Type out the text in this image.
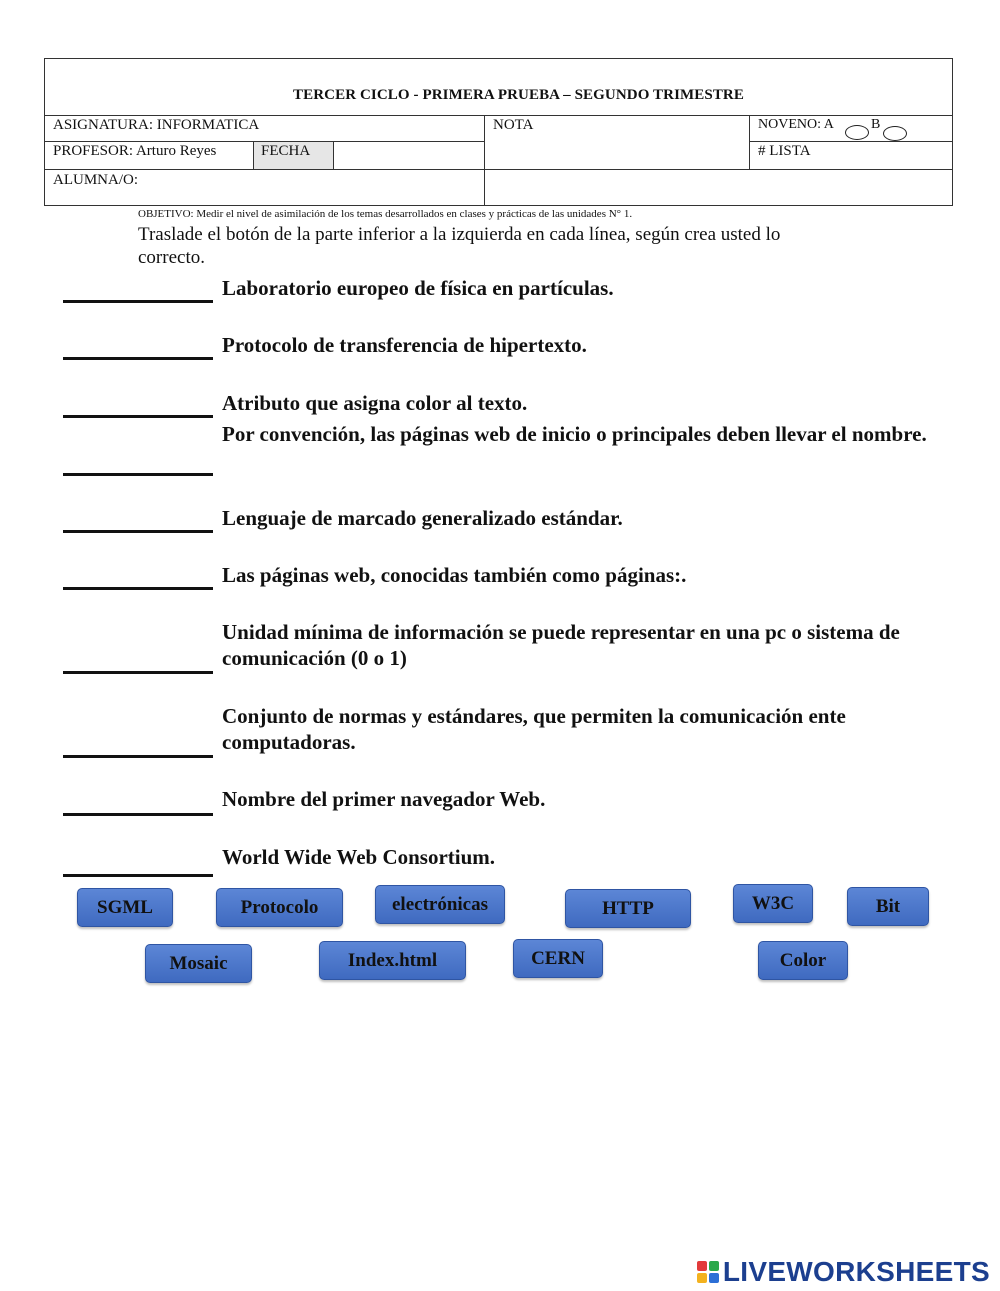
TERCER CICLO - PRIMERA PRUEBA – SEGUNDO TRIMESTRE
ASIGNATURA: INFORMATICA	NOTA	NOVENO: A	B
PROFESOR: Arturo Reyes	FECHA	# LISTA
ALUMNA/O:
OBJETIVO: Medir el nivel de asimilación de los temas desarrollados en clases y prácticas de las unidades N° 1.
Traslade el botón de la parte inferior a la izquierda en cada línea, según crea usted lo correcto.
Laboratorio europeo de física en partículas.
Protocolo de transferencia de hipertexto.
Atributo que asigna color al texto.
Por convención, las páginas web de inicio o principales deben llevar el nombre.
Lenguaje de marcado generalizado estándar.
Las páginas web, conocidas también como páginas:.
Unidad mínima de información se puede representar en una pc o sistema de comunicación (0 o 1)
Conjunto de normas y estándares, que permiten la comunicación ente computadoras.
Nombre del primer navegador Web.
World Wide Web Consortium.
SGML	Protocolo	electrónicas	HTTP	W3C	Bit
Mosaic	Index.html	CERN	Color
LIVEWORKSHEETS
